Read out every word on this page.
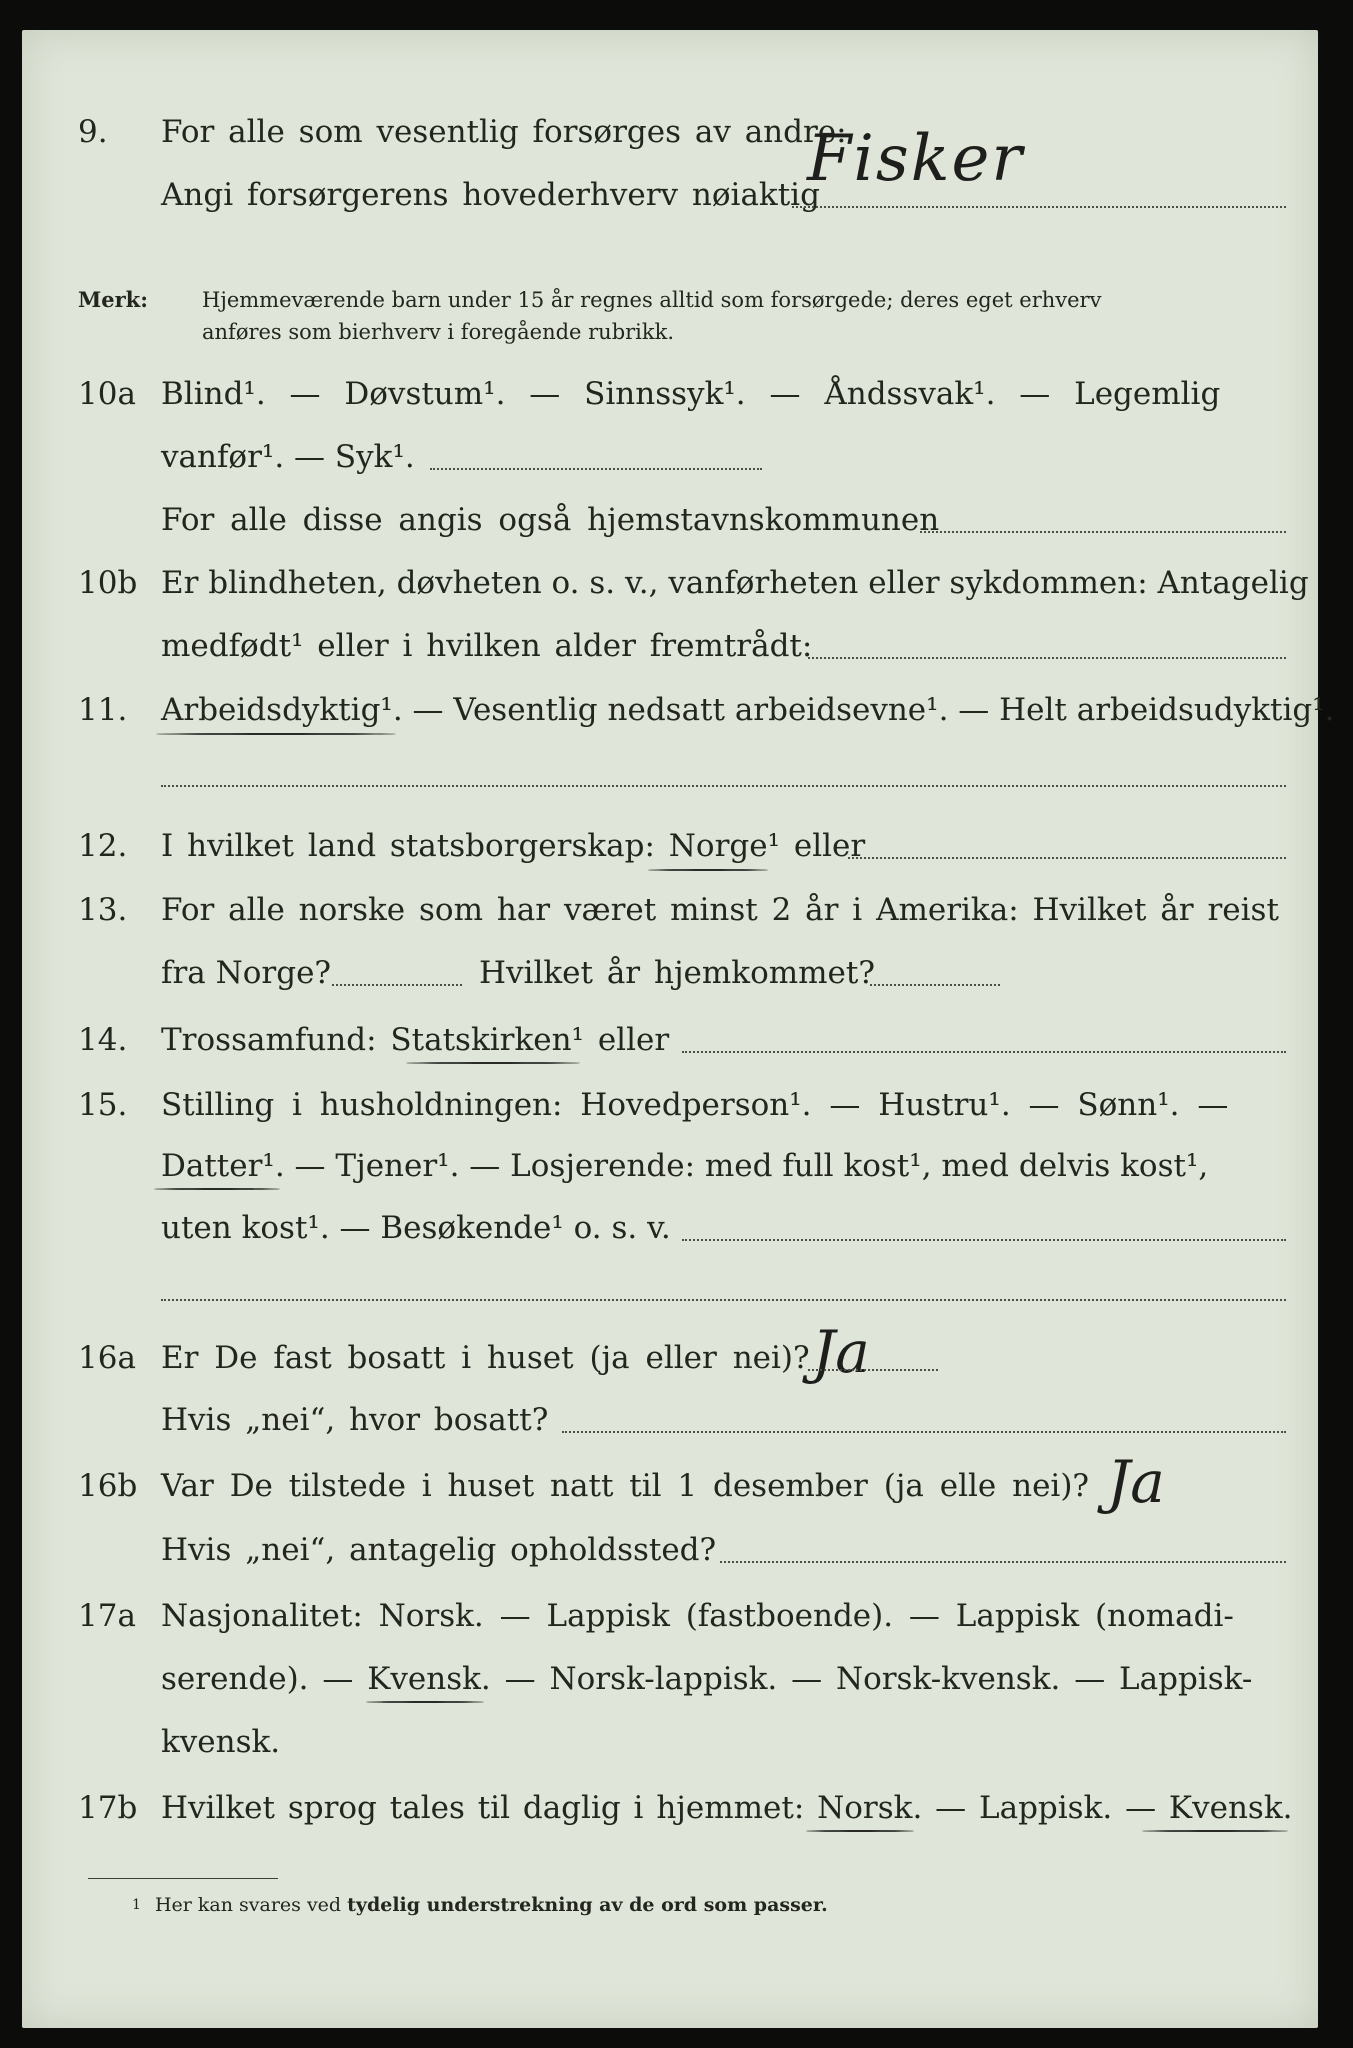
9. For alle som vesentlig forsørges av andre:
Angi forsørgerens hovederhverv nøiaktig
Fisker
Merk:	Hjemmeværende barn under 15 år regnes alltid som forsørgede; deres eget erhverv
anføres som bierhverv i foregående rubrikk.
10a Blind¹. — Døvstum¹. — Sinnssyk¹. — Åndssvak¹. — Legemlig
vanfør¹. — Syk¹.
For alle disse angis også hjemstavnskommunen
10b Er blindheten, døvheten o. s. v., vanførheten eller sykdommen: Antagelig
medfødt¹ eller i hvilken alder fremtrådt:
11. Arbeidsdyktig¹. — Vesentlig nedsatt arbeidsevne¹. — Helt arbeidsudyktig¹.
12. I hvilket land statsborgerskap: Norge¹ eller
13. For alle norske som har været minst 2 år i Amerika: Hvilket år reist
fra Norge?	Hvilket år hjemkommet?
14. Trossamfund: Statskirken¹ eller
15. Stilling i husholdningen: Hovedperson¹. — Hustru¹. — Sønn¹. —
Datter¹. — Tjener¹. — Losjerende: med full kost¹, med delvis kost¹,
uten kost¹. — Besøkende¹ o. s. v.
16a Er De fast bosatt i huset (ja eller nei)? Ja
Hvis „nei“, hvor bosatt?
16b Var De tilstede i huset natt til 1 desember (ja elle nei)? Ja
Hvis „nei“, antagelig opholdssted?
17a Nasjonalitet: Norsk. — Lappisk (fastboende). — Lappisk (nomadi-
serende). — Kvensk. — Norsk-lappisk. — Norsk-kvensk. — Lappisk-
kvensk.
17b Hvilket sprog tales til daglig i hjemmet: Norsk. — Lappisk. — Kvensk.
$^1$ Her kan svares ved tydelig understrekning av de ord som passer.
